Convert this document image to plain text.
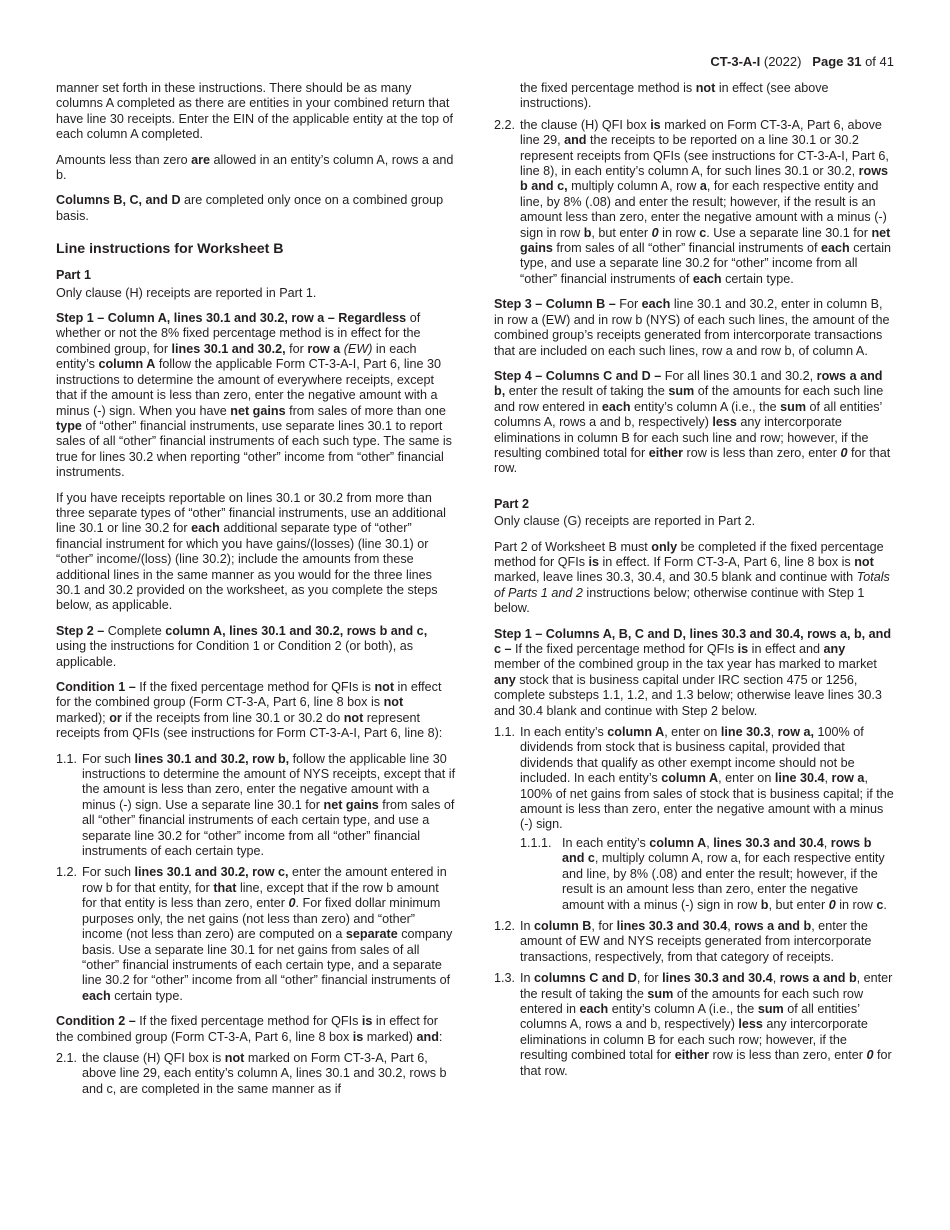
CT-3-A-I (2022) Page 31 of 41

manner set forth in these instructions. There should be as many columns A completed as there are entities in your combined return that have line 30 receipts. Enter the EIN of the applicable entity at the top of each column A completed.

Amounts less than zero are allowed in an entity’s column A, rows a and b.

Columns B, C, and D are completed only once on a combined group basis.

Line instructions for Worksheet B
Part 1

Only clause (H) receipts are reported in Part 1.

Step 1 – Column A, lines 30.1 and 30.2, row a – Regardless of whether or not the 8% fixed percentage method is in effect for the combined group, for lines 30.1 and 30.2, for row a (EW) in each entity’s column A follow the applicable Form CT-3-A-I, Part 6, line 30 instructions to determine the amount of everywhere receipts, except that if the amount is less than zero, enter the negative amount with a minus (-) sign. When you have net gains from sales of more than one type of “other” financial instruments, use separate lines 30.1 to report sales of all “other” financial instruments of each such type. The same is true for lines 30.2 when reporting “other” income from “other” financial instruments.

If you have receipts reportable on lines 30.1 or 30.2 from more than three separate types of “other” financial instruments, use an additional line 30.1 or line 30.2 for each additional separate type of “other” financial instrument for which you have gains/(losses) (line 30.1) or “other” income/(loss) (line 30.2); include the amounts from these additional lines in the same manner as you would for the three lines 30.1 and 30.2 provided on the worksheet, as you complete the steps below, as applicable.

Step 2 – Complete column A, lines 30.1 and 30.2, rows b and c, using the instructions for Condition 1 or Condition 2 (or both), as applicable.

Condition 1 – If the fixed percentage method for QFIs is not in effect for the combined group (Form CT-3-A, Part 6, line 8 box is not marked); or if the receipts from line 30.1 or 30.2 do not represent receipts from QFIs (see instructions for Form CT-3-A-I, Part 6, line 8):

1.1. For such lines 30.1 and 30.2, row b, follow the applicable line 30 instructions to determine the amount of NYS receipts, except that if the amount is less than zero, enter the negative amount with a minus (-) sign. Use a separate line 30.1 for net gains from sales of all “other” financial instruments of each certain type, and use a separate line 30.2 for “other” income from all “other” financial instruments of each certain type.
1.2. For such lines 30.1 and 30.2, row c, enter the amount entered in row b for that entity, for that line, except that if the row b amount for that entity is less than zero, enter 0. For fixed dollar minimum purposes only, the net gains (not less than zero) and “other” income (not less than zero) are computed on a separate company basis. Use a separate line 30.1 for net gains from sales of all “other” financial instruments of each certain type, and a separate line 30.2 for “other” income from all “other” financial instruments of each certain type.

Condition 2 – If the fixed percentage method for QFIs is in effect for the combined group (Form CT-3-A, Part 6, line 8 box is marked) and:

2.1. the clause (H) QFI box is not marked on Form CT-3-A, Part 6, above line 29, each entity’s column A, lines 30.1 and 30.2, rows b and c, are completed in the same manner as if
the fixed percentage method is not in effect (see above instructions).
2.2. the clause (H) QFI box is marked on Form CT-3-A, Part 6, above line 29, and the receipts to be reported on a line 30.1 or 30.2 represent receipts from QFIs (see instructions for CT-3-A-I, Part 6, line 8), in each entity’s column A, for such lines 30.1 or 30.2, rows b and c, multiply column A, row a, for each respective entity and line, by 8% (.08) and enter the result; however, if the result is an amount less than zero, enter the negative amount with a minus (-) sign in row b, but enter 0 in row c. Use a separate line 30.1 for net gains from sales of all “other” financial instruments of each certain type, and use a separate line 30.2 for “other” income from all “other” financial instruments of each certain type.

Step 3 – Column B – For each line 30.1 and 30.2, enter in column B, in row a (EW) and in row b (NYS) of each such lines, the amount of the combined group’s receipts generated from intercorporate transactions that are included on each such lines, row a and row b, of column A.

Step 4 – Columns C and D – For all lines 30.1 and 30.2, rows a and b, enter the result of taking the sum of the amounts for each such line and row entered in each entity’s column A (i.e., the sum of all entities’ columns A, rows a and b, respectively) less any intercorporate eliminations in column B for each such line and row; however, if the resulting combined total for either row is less than zero, enter 0 for that row.

Part 2

Only clause (G) receipts are reported in Part 2.

Part 2 of Worksheet B must only be completed if the fixed percentage method for QFIs is in effect. If Form CT-3-A, Part 6, line 8 box is not marked, leave lines 30.3, 30.4, and 30.5 blank and continue with Totals of Parts 1 and 2 instructions below; otherwise continue with Step 1 below.

Step 1 – Columns A, B, C and D, lines 30.3 and 30.4, rows a, b, and c – If the fixed percentage method for QFIs is in effect and any member of the combined group in the tax year has marked to market any stock that is business capital under IRC section 475 or 1256, complete substeps 1.1, 1.2, and 1.3 below; otherwise leave lines 30.3 and 30.4 blank and continue with Step 2 below.

1.1. In each entity’s column A, enter on line 30.3, row a, 100% of dividends from stock that is business capital, provided that dividends that qualify as other exempt income should not be included. In each entity’s column A, enter on line 30.4, row a, 100% of net gains from sales of stock that is business capital; if the amount is less than zero, enter the negative amount with a minus (-) sign.
1.1.1. In each entity’s column A, lines 30.3 and 30.4, rows b and c, multiply column A, row a, for each respective entity and line, by 8% (.08) and enter the result; however, if the result is an amount less than zero, enter the negative amount with a minus (-) sign in row b, but enter 0 in row c.
1.2. In column B, for lines 30.3 and 30.4, rows a and b, enter the amount of EW and NYS receipts generated from intercorporate transactions, respectively, from that category of receipts.
1.3. In columns C and D, for lines 30.3 and 30.4, rows a and b, enter the result of taking the sum of the amounts for each such row entered in each entity’s column A (i.e., the sum of all entities’ columns A, rows a and b, respectively) less any intercorporate eliminations in column B for each such row; however, if the resulting combined total for either row is less than zero, enter 0 for that row.
